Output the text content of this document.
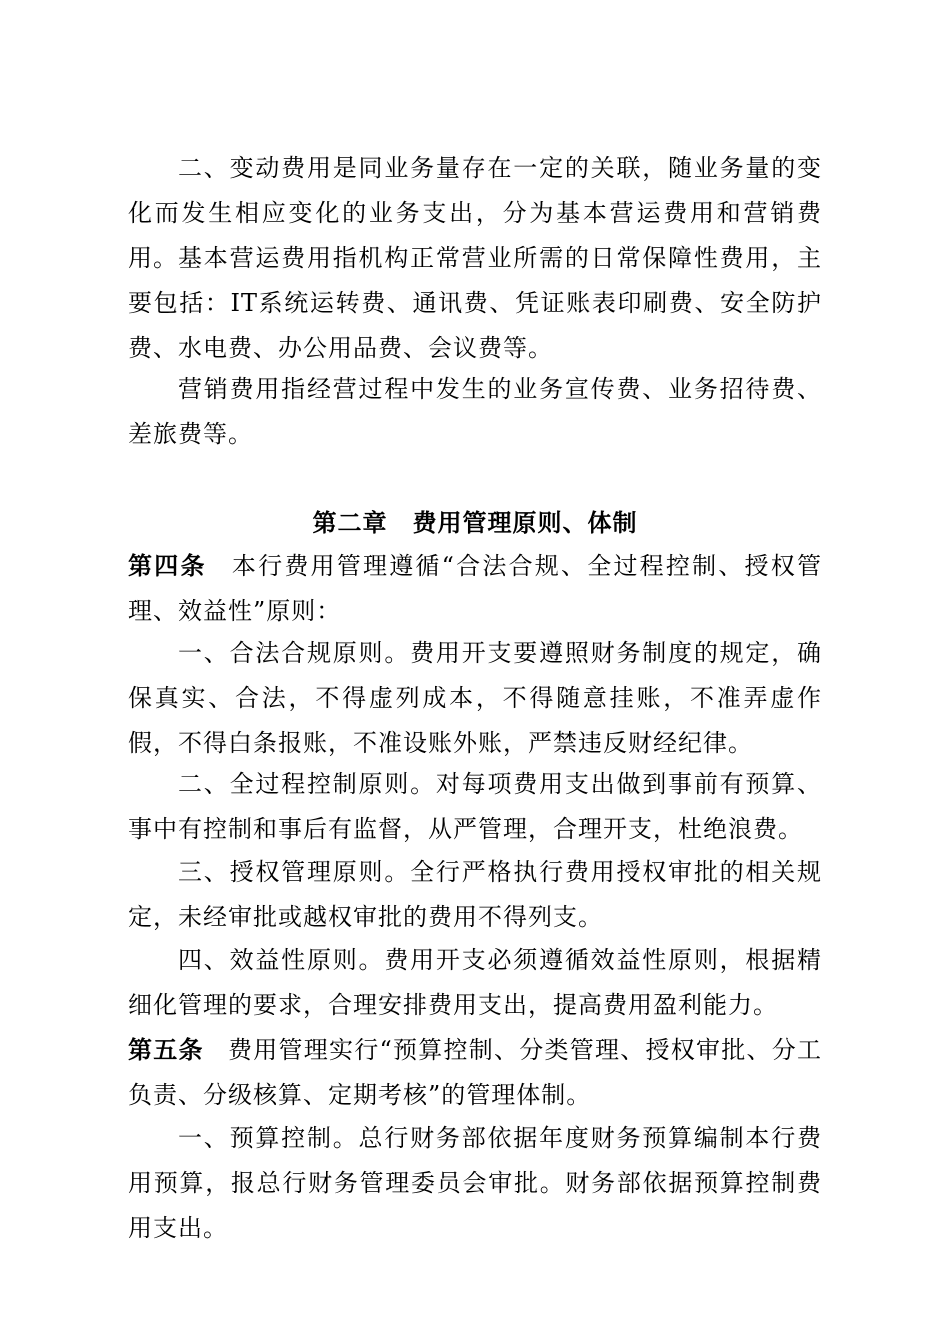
二、变动费用是同业务量存在一定的关联，随业务量的变化而发生相应变化的业务支出，分为基本营运费用和营销费用。 基本营运费用指机构正常营业所需的日常保障性费用，主要包括：IT系统运转费、通讯费、凭证账表印刷费、安全防护费、水电费、办公用品费、会议费等。

营销费用指经营过程中发生的业务宣传费、业务招待费、差旅费等。

第二章　费用管理原则、体制

第四条 本行费用管理遵循“合法合规、全过程控制、授权管理、效益性”原则：

一、合法合规原则。费用开支要遵照财务制度的规定，确保真实、合法，不得虚列成本，不得随意挂账，不准弄虚作假，不得白条报账，不准设账外账，严禁违反财经纪律。

二、全过程控制原则。对每项费用支出做到事前有预算、事中有控制和事后有监督，从严管理，合理开支，杜绝浪费。

三、授权管理原则。全行严格执行费用授权审批的相关规定，未经审批或越权审批的费用不得列支。

四、效益性原则。费用开支必须遵循效益性原则，根据精细化管理的要求，合理安排费用支出，提高费用盈利能力。

第五条 费用管理实行“预算控制、分类管理、授权审批、分工负责、分级核算、定期考核”的管理体制。

一、预算控制。总行财务部依据年度财务预算编制本行费用预算，报总行财务管理委员会审批。财务部依据预算控制费用支出。
